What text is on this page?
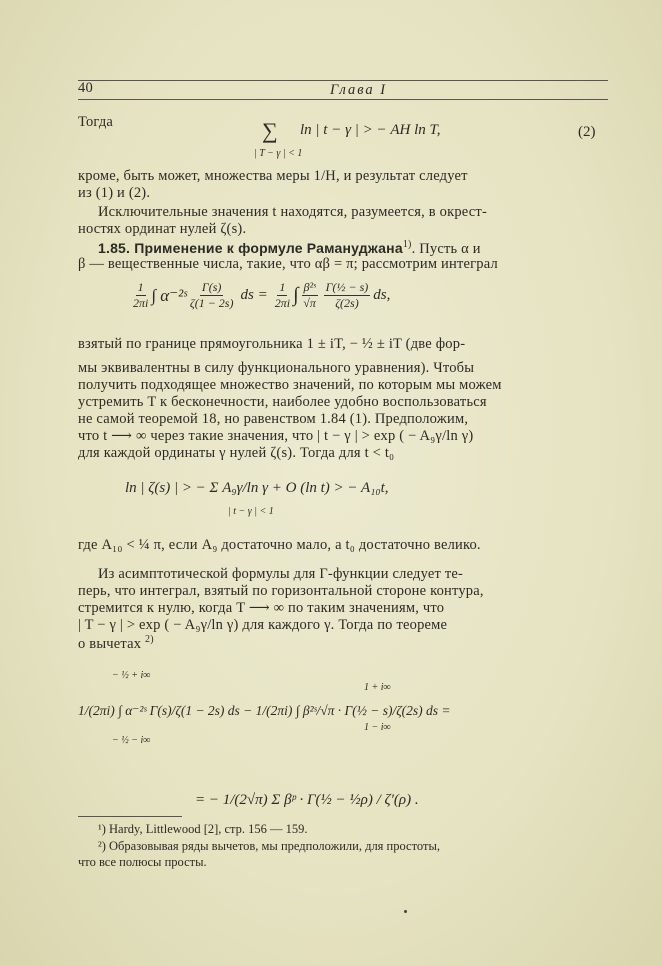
40	Глава I
Тогда	ln | t − γ | > − AH ln T,
∑
| T − γ | < 1
(2)
кроме, быть может, множества меры 1/H, и результат следует
из (1) и (2).
Исключительные значения t находятся, разумеется, в окрест-
ностях ординат нулей ζ(s).
1.85. Применение к формуле Рамануджана$^{1)}$. Пусть α и
β — вещественные числа, такие, что αβ = π; рассмотрим интеграл
$\frac{1}{2\pi i}$ ∫ α⁻²ˢ $\frac{\Gamma(s)}{\zeta(1 - 2s)}$ ds = $\frac{1}{2\pi i}$ ∫ $\frac{\text{β²ˢ}}{√\pi} \frac{\text{Γ(½ − s)}}{\zeta(2s)}$ ds,
взятый по границе прямоугольника 1 ± iT, − ½ ± iT (две фор-
мы эквивалентны в силу функционального уравнения). Чтобы
получить подходящее множество значений, по которым мы можем
устремить T к бесконечности, наиболее удобно воспользоваться
не самой теоремой 18, но равенством 1.84 (1). Предположим,
что t ⟶ ∞ через такие значения, что | t − γ | > exp ( − A₉γ/ln γ)
для каждой ординаты γ нулей ζ(s). Тогда для t < t₀
ln | ζ(s) | > − Σ A₉γ/ln γ + O (ln t) > − A₁₀t,
| t − γ | < 1
где A₁₀ < ¼ π, если A₉ достаточно мало, а t₀ достаточно велико.
Из асимптотической формулы для Γ-функции следует те-
перь, что интеграл, взятый по горизонтальной стороне контура,
стремится к нулю, когда T ⟶ ∞ по таким значениям, что
| T − γ | > exp ( − A₉γ/ln γ) для каждого γ. Тогда по теореме
о вычетах $^{2)}$
− ½ + i∞
1/(2πi) ∫ α⁻²ˢ Γ(s)/ζ(1 − 2s) ds − 1/(2πi) ∫ β²ˢ/√π · Γ(½ − s)/ζ(2s) ds =
− ½ − i∞
1 + i∞
1 − i∞
= − 1/(2√π) Σ βᵖ · Γ(½ − ½ρ) / ζ′(ρ) .
¹) Hardy, Littlewood [2], стр. 156 — 159.
²) Образовывая ряды вычетов, мы предположили, для простоты,
что все полюсы просты.
